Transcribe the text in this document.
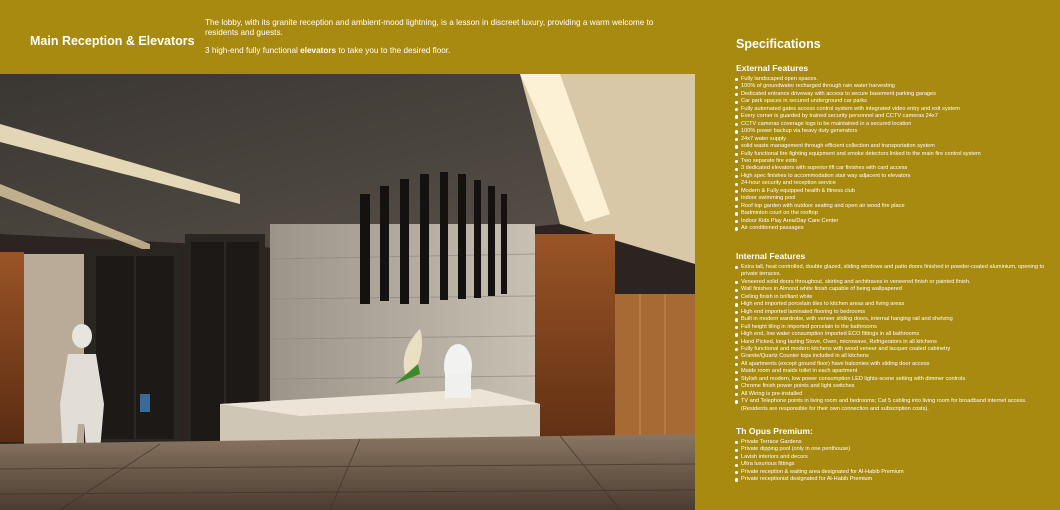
Main Reception & Elevators

The lobby, with its granite reception and ambient-mood lightning, is a lesson in discreet luxury, providing a warm welcome to residents and guests.

3 high-end fully functional elevators to take you to the desired floor.	Specifications
External Features
Fully landscaped open spaces.
100% of groundwater recharged through rain water harvesting
Dedicated entrance driveway with access to secure basement parking garages
Car park spaces in secured underground car parks
Fully automated gates access control system with integrated video entry and exit system
Every corner is guarded by trained security personnel and CCTV cameras 24x7
CCTV cameras coverage logs to be maintained in a secured location
100% power backup via heavy duty generators
24x7 water supply
solid waste management through efficient collection and transportation system
Fully functional fire fighting equipment and smoke detectors linked to the main fire control system
Two separate fire exits
3 dedicated elevators with superior lift car finishes with card access
High spec finishes to accommodation stair way adjacent to elevators
24-hour security and reception service
Modern & Fully equipped health & fitness club
Indoor swimming pool
Roof top garden with outdoor seating and open air wood fire place
Badminton court on the rooftop
Indoor Kids Play Area/Day Care Center
Air conditioned passages
Internal Features
Extra tall, heat controlled, double glazed, sliding windows and patio doors finished in powder-coated aluminium, opening to private terraces.
Veneered solid doors throughout, skirting and architraves in veneered finish or painted finish.
Wall finishes in Almond white finish capable of being wallpapered
Ceiling finish in brilliant white
High end imported porcelain tiles to kitchen areas and living areas
High end imported laminated flooring to bedrooms
Built in modern wardrobe, with veneer sliding doors, internal hanging rail and shelving
Full height tiling in imported porcelain to the bathrooms
High end, low water consumption imported ECO fittings in all bathrooms
Hand Picked, long lasting Stove, Oven, microwave, Refrigerators in all kitchens
Fully functional and modern kitchens with wood veneer and lacquer coated cabinetry
Granite/Quartz Counter tops included in all kitchens
All apartments (except ground floor) have balconies with sliding door access
Maids room and maids toilet in each apartment
Stylish and modern, low power consumption LED lights-scene setting with dimmer controls
Chrome finish power points and light switches
All Wiring is pre-installed
TV and Telephone points in living room and bedrooms; Cat 5 cabling into living room for broadband internet access. (Residents are responsible for their own connection and subscription costs).
Th Opus Premium:
Private Terrace Gardens
Private dipping pool (only in one penthouse)
Lavish interiors and decors
Ultra luxurious fittings
Private reception & waiting area designated for Al-Habib Premium
Private receptionist designated for Al-Habib Premium
